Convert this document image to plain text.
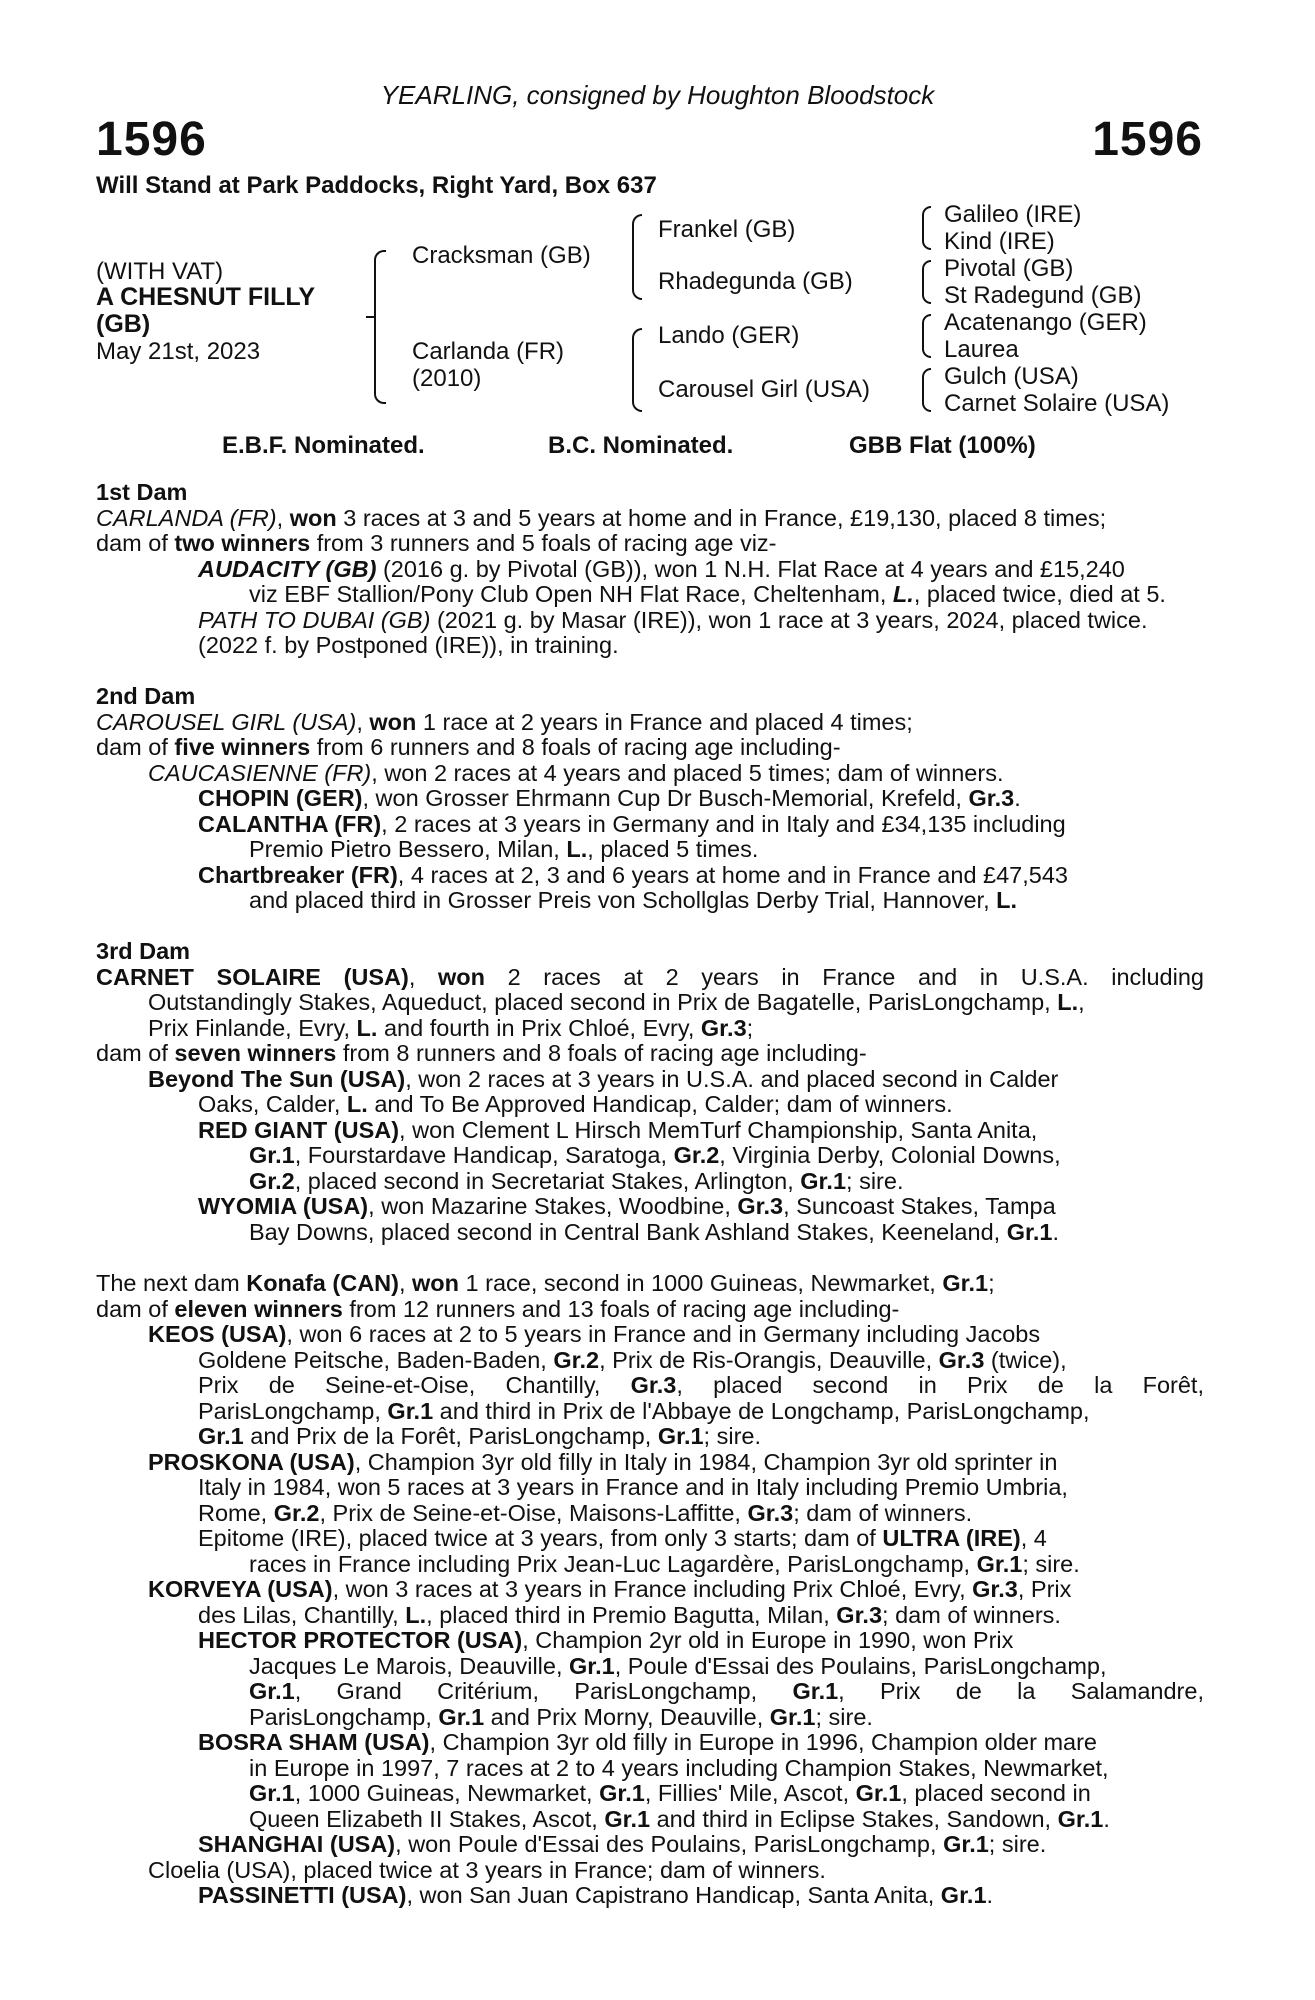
YEARLING, consigned by Houghton Bloodstock
1596	1596
Will Stand at Park Paddocks, Right Yard, Box 637
(WITH VAT)
A CHESNUT FILLY
(GB)
May 21st, 2023
Cracksman (GB)
Carlanda (FR)
(2010)
Frankel (GB)
Rhadegunda (GB)
Lando (GER)
Carousel Girl (USA)
Galileo (IRE)
Kind (IRE)
Pivotal (GB)
St Radegund (GB)
Acatenango (GER)
Laurea
Gulch (USA)
Carnet Solaire (USA)
E.B.F. Nominated.	B.C. Nominated.	GBB Flat (100%)
1st Dam
CARLANDA (FR), won 3 races at 3 and 5 years at home and in France, £19,130, placed 8 times;
dam of two winners from 3 runners and 5 foals of racing age viz-
AUDACITY (GB) (2016 g. by Pivotal (GB)), won 1 N.H. Flat Race at 4 years and £15,240
viz EBF Stallion/Pony Club Open NH Flat Race, Cheltenham, L., placed twice, died at 5.
PATH TO DUBAI (GB) (2021 g. by Masar (IRE)), won 1 race at 3 years, 2024, placed twice.
(2022 f. by Postponed (IRE)), in training.
2nd Dam
CAROUSEL GIRL (USA), won 1 race at 2 years in France and placed 4 times;
dam of five winners from 6 runners and 8 foals of racing age including-
CAUCASIENNE (FR), won 2 races at 4 years and placed 5 times; dam of winners.
CHOPIN (GER), won Grosser Ehrmann Cup Dr Busch-Memorial, Krefeld, Gr.3.
CALANTHA (FR), 2 races at 3 years in Germany and in Italy and £34,135 including
Premio Pietro Bessero, Milan, L., placed 5 times.
Chartbreaker (FR), 4 races at 2, 3 and 6 years at home and in France and £47,543
and placed third in Grosser Preis von Schollglas Derby Trial, Hannover, L.
3rd Dam
CARNET SOLAIRE (USA), won 2 races at 2 years in France and in U.S.A. including
Outstandingly Stakes, Aqueduct, placed second in Prix de Bagatelle, ParisLongchamp, L.,
Prix Finlande, Evry, L. and fourth in Prix Chloé, Evry, Gr.3;
dam of seven winners from 8 runners and 8 foals of racing age including-
Beyond The Sun (USA), won 2 races at 3 years in U.S.A. and placed second in Calder
Oaks, Calder, L. and To Be Approved Handicap, Calder; dam of winners.
RED GIANT (USA), won Clement L Hirsch MemTurf Championship, Santa Anita,
Gr.1, Fourstardave Handicap, Saratoga, Gr.2, Virginia Derby, Colonial Downs,
Gr.2, placed second in Secretariat Stakes, Arlington, Gr.1; sire.
WYOMIA (USA), won Mazarine Stakes, Woodbine, Gr.3, Suncoast Stakes, Tampa
Bay Downs, placed second in Central Bank Ashland Stakes, Keeneland, Gr.1.
The next dam Konafa (CAN), won 1 race, second in 1000 Guineas, Newmarket, Gr.1;
dam of eleven winners from 12 runners and 13 foals of racing age including-
KEOS (USA), won 6 races at 2 to 5 years in France and in Germany including Jacobs
Goldene Peitsche, Baden-Baden, Gr.2, Prix de Ris-Orangis, Deauville, Gr.3 (twice),
Prix de Seine-et-Oise, Chantilly, Gr.3, placed second in Prix de la Forêt,
ParisLongchamp, Gr.1 and third in Prix de l'Abbaye de Longchamp, ParisLongchamp,
Gr.1 and Prix de la Forêt, ParisLongchamp, Gr.1; sire.
PROSKONA (USA), Champion 3yr old filly in Italy in 1984, Champion 3yr old sprinter in
Italy in 1984, won 5 races at 3 years in France and in Italy including Premio Umbria,
Rome, Gr.2, Prix de Seine-et-Oise, Maisons-Laffitte, Gr.3; dam of winners.
Epitome (IRE), placed twice at 3 years, from only 3 starts; dam of ULTRA (IRE), 4
races in France including Prix Jean-Luc Lagardère, ParisLongchamp, Gr.1; sire.
KORVEYA (USA), won 3 races at 3 years in France including Prix Chloé, Evry, Gr.3, Prix
des Lilas, Chantilly, L., placed third in Premio Bagutta, Milan, Gr.3; dam of winners.
HECTOR PROTECTOR (USA), Champion 2yr old in Europe in 1990, won Prix
Jacques Le Marois, Deauville, Gr.1, Poule d'Essai des Poulains, ParisLongchamp,
Gr.1, Grand Critérium, ParisLongchamp, Gr.1, Prix de la Salamandre,
ParisLongchamp, Gr.1 and Prix Morny, Deauville, Gr.1; sire.
BOSRA SHAM (USA), Champion 3yr old filly in Europe in 1996, Champion older mare
in Europe in 1997, 7 races at 2 to 4 years including Champion Stakes, Newmarket,
Gr.1, 1000 Guineas, Newmarket, Gr.1, Fillies' Mile, Ascot, Gr.1, placed second in
Queen Elizabeth II Stakes, Ascot, Gr.1 and third in Eclipse Stakes, Sandown, Gr.1.
SHANGHAI (USA), won Poule d'Essai des Poulains, ParisLongchamp, Gr.1; sire.
Cloelia (USA), placed twice at 3 years in France; dam of winners.
PASSINETTI (USA), won San Juan Capistrano Handicap, Santa Anita, Gr.1.
